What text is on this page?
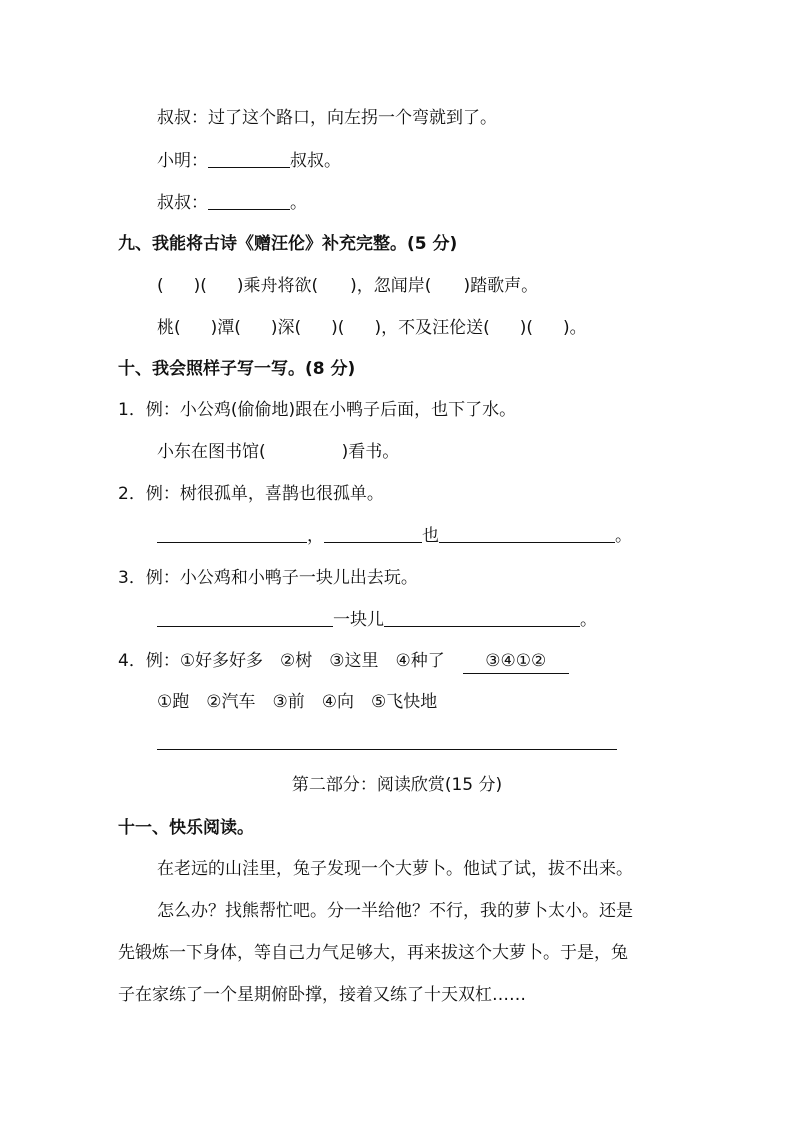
叔叔：过了这个路口，向左拐一个弯就到了。
小明：	叔叔。
叔叔：	。
九、我能将古诗《赠汪伦》补充完整。(5 分)
( )( )乘舟将欲( )，忽闻岸( )踏歌声。
桃( )潭( )深( )( )，不及汪伦送( )( )。
十、我会照样子写一写。(8 分)
1．例：小公鸡(偷偷地)跟在小鸭子后面，也下了水。
小东在图书馆(	)看书。
2．例：树很孤单，喜鹊也很孤单。
，	也	。
3．例：小公鸡和小鸭子一块儿出去玩。
一块儿	。
4．例：①好多好多　②树　③这里　④种了 ③④①②
①跑　②汽车　③前　④向　⑤飞快地
第二部分：阅读欣赏(15 分)
十一、快乐阅读。
在老远的山洼里，兔子发现一个大萝卜。他试了试，拔不出来。
怎么办？找熊帮忙吧。分一半给他？不行，我的萝卜太小。还是
先锻炼一下身体，等自己力气足够大，再来拔这个大萝卜。于是，兔
子在家练了一个星期俯卧撑，接着又练了十天双杠……
